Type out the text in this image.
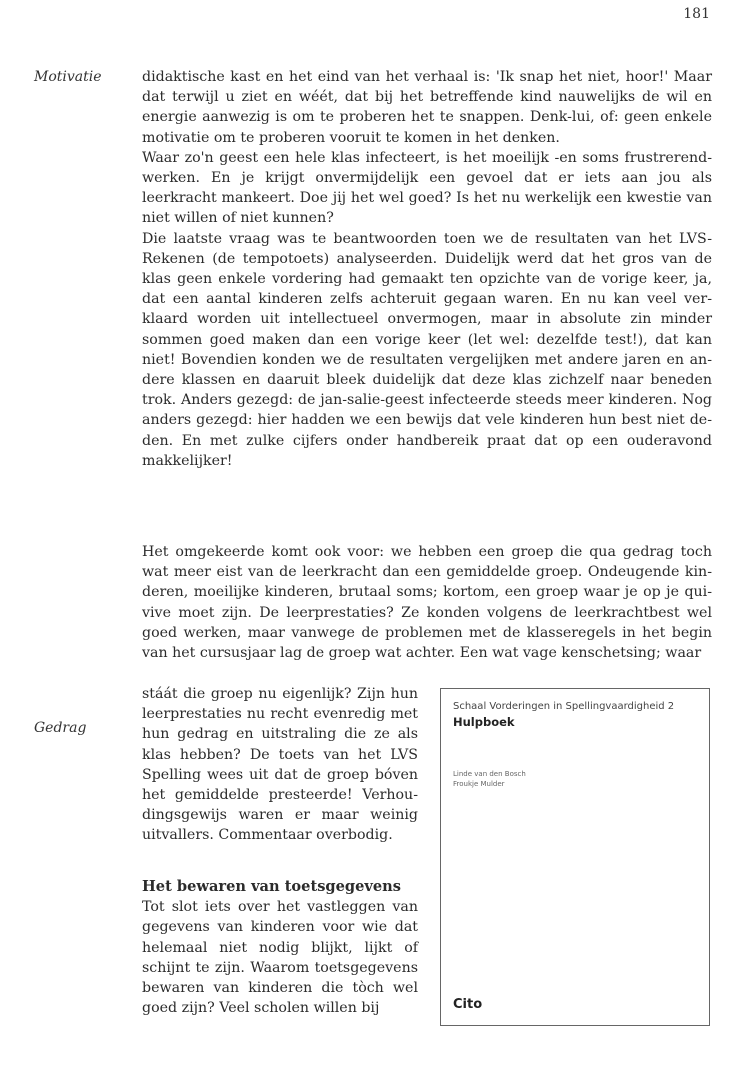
181
Motivatie
Gedrag

didaktische kast en het eind van het verhaal is: 'Ik snap het niet, hoor!' Maar dat terwijl u ziet en wéét, dat bij het betreffende kind nauwelijks de wil en energie aanwezig is om te proberen het te snappen. Denk-lui, of: geen enkele motivatie om te proberen vooruit te komen in het denken.

Waar zo'n geest een hele klas infecteert, is het moeilijk -en soms frustrerend-werken. En je krijgt onvermijdelijk een gevoel dat er iets aan jou als leerkracht mankeert. Doe jij het wel goed? Is het nu werkelijk een kwestie van niet willen of niet kunnen?

Die laatste vraag was te beantwoorden toen we de resultaten van het LVS-Rekenen (de tempotoets) analyseerden. Duidelijk werd dat het gros van de klas geen enkele vordering had gemaakt ten opzichte van de vorige keer, ja, dat een aantal kinderen zelfs achteruit gegaan waren. En nu kan veel verklaard worden uit intellectueel onvermogen, maar in absolute zin minder sommen goed maken dan een vorige keer (let wel: dezelfde test!), dat kan niet! Bovendien konden we de resultaten vergelijken met andere jaren en andere klassen en daaruit bleek duidelijk dat deze klas zichzelf naar beneden trok. Anders gezegd: de jan-salie-geest infecteerde steeds meer kinderen. Nog anders gezegd: hier hadden we een bewijs dat vele kinderen hun best niet deden. En met zulke cijfers onder handbereik praat dat op een ouderavond makkelijker!

Het omgekeerde komt ook voor: we hebben een groep die qua gedrag toch wat meer eist van de leerkracht dan een gemiddelde groep. Ondeugende kinderen, moeilijke kinderen, brutaal soms; kortom, een groep waar je op je quivive moet zijn. De leerprestaties? Ze konden volgens de leerkrachtbest wel goed werken, maar vanwege de problemen met de klasseregels in het begin van het cursusjaar lag de groep wat achter. Een wat vage kenschetsing; waar

stáát die groep nu eigenlijk? Zijn hun leerprestaties nu recht evenredig met hun gedrag en uitstraling die ze als klas hebben? De toets van het LVS Spelling wees uit dat de groep bóven het gemiddelde presteerde! Verhoudingsgewijs waren er maar weinig uitvallers. Commentaar overbodig.

Het bewaren van toetsgegevens

Tot slot iets over het vastleggen van gegevens van kinderen voor wie dat helemaal niet nodig blijkt, lijkt of schijnt te zijn. Waarom toetsgegevens bewaren van kinderen die tòch wel goed zijn? Veel scholen willen bij

Schaal Vorderingen in Spellingvaardigheid 2
Hulpboek
Linde van den Bosch
Froukje Mulder
Cito
